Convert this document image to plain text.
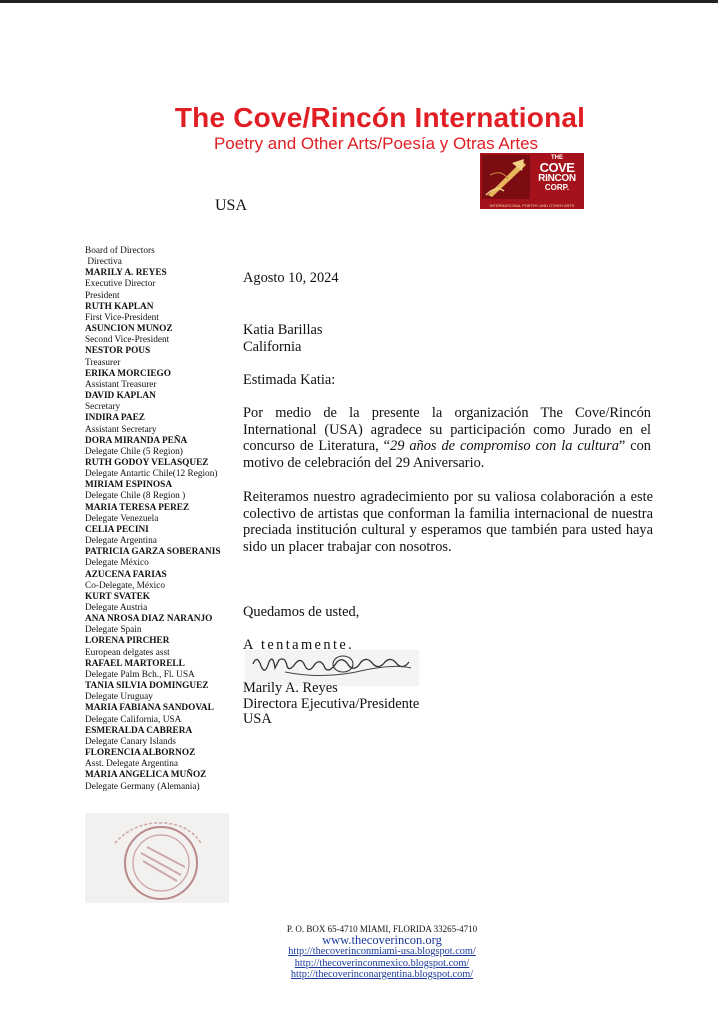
The Cove/Rincón International
Poetry and Other Arts/Poesía y Otras Artes
THE
COVE
RINCON
CORP.
INTERNATIONAL POETRY AND OTHER ARTS
USA
Board of Directors
Directiva
MARILY A. REYES
Executive Director
President
RUTH KAPLAN
First Vice-President
ASUNCION MUNOZ
Second Vice-President
NESTOR POUS
Treasurer
ERIKA MORCIEGO
Assistant Treasurer
DAVID KAPLAN
Secretary
INDIRA PAEZ
Assistant Secretary
DORA MIRANDA PEÑA
Delegate Chile (5 Region)
RUTH GODOY VELASQUEZ
Delegate Antartic Chile(12 Region)
MIRIAM ESPINOSA
Delegate Chile (8 Region )
MARIA TERESA PEREZ
Delegate Venezuela
CELIA PECINI
Delegate Argentina
PATRICIA GARZA SOBERANIS
Delegate México
AZUCENA FARIAS
Co-Delegate, México
KURT SVATEK
Delegate Austria
ANA NROSA DIAZ NARANJO
Delegate Spain
LORENA PIRCHER
European delgates asst
RAFAEL MARTORELL
Delegate Palm Bch., Fl. USA
TANIA SILVIA DOMINGUEZ
Delegate Uruguay
MARIA FABIANA SANDOVAL
Delegate California, USA
ESMERALDA CABRERA
Delegate Canary Islands
FLORENCIA ALBORNOZ
Asst. Delegate Argentina
MARIA ANGELICA MUÑOZ
Delegate Germany (Alemania)
Agosto 10, 2024
Katia Barillas
California
Estimada Katia:
Por medio de la presente la organización The Cove/Rincón International (USA) agradece su participación como Jurado en el concurso de Literatura, “29 años de compromiso con la cultura” con motivo de celebración del 29 Aniversario.
Reiteramos nuestro agradecimiento por su valiosa colaboración a este colectivo de artistas que conforman la familia internacional de nuestra preciada institución cultural y esperamos que también para usted haya sido un placer trabajar con nosotros.
Quedamos de usted,
A tentamente.
Marily A. Reyes
Directora Ejecutiva/Presidente
USA
P. O. BOX 65-4710 MIAMI, FLORIDA 33265-4710
www.thecoverincon.org
http://thecoverinconmiami-usa.blogspot.com/
http://thecoverinconmexico.blogspot.com/
http://thecoverinconargentina.blogspot.com/
